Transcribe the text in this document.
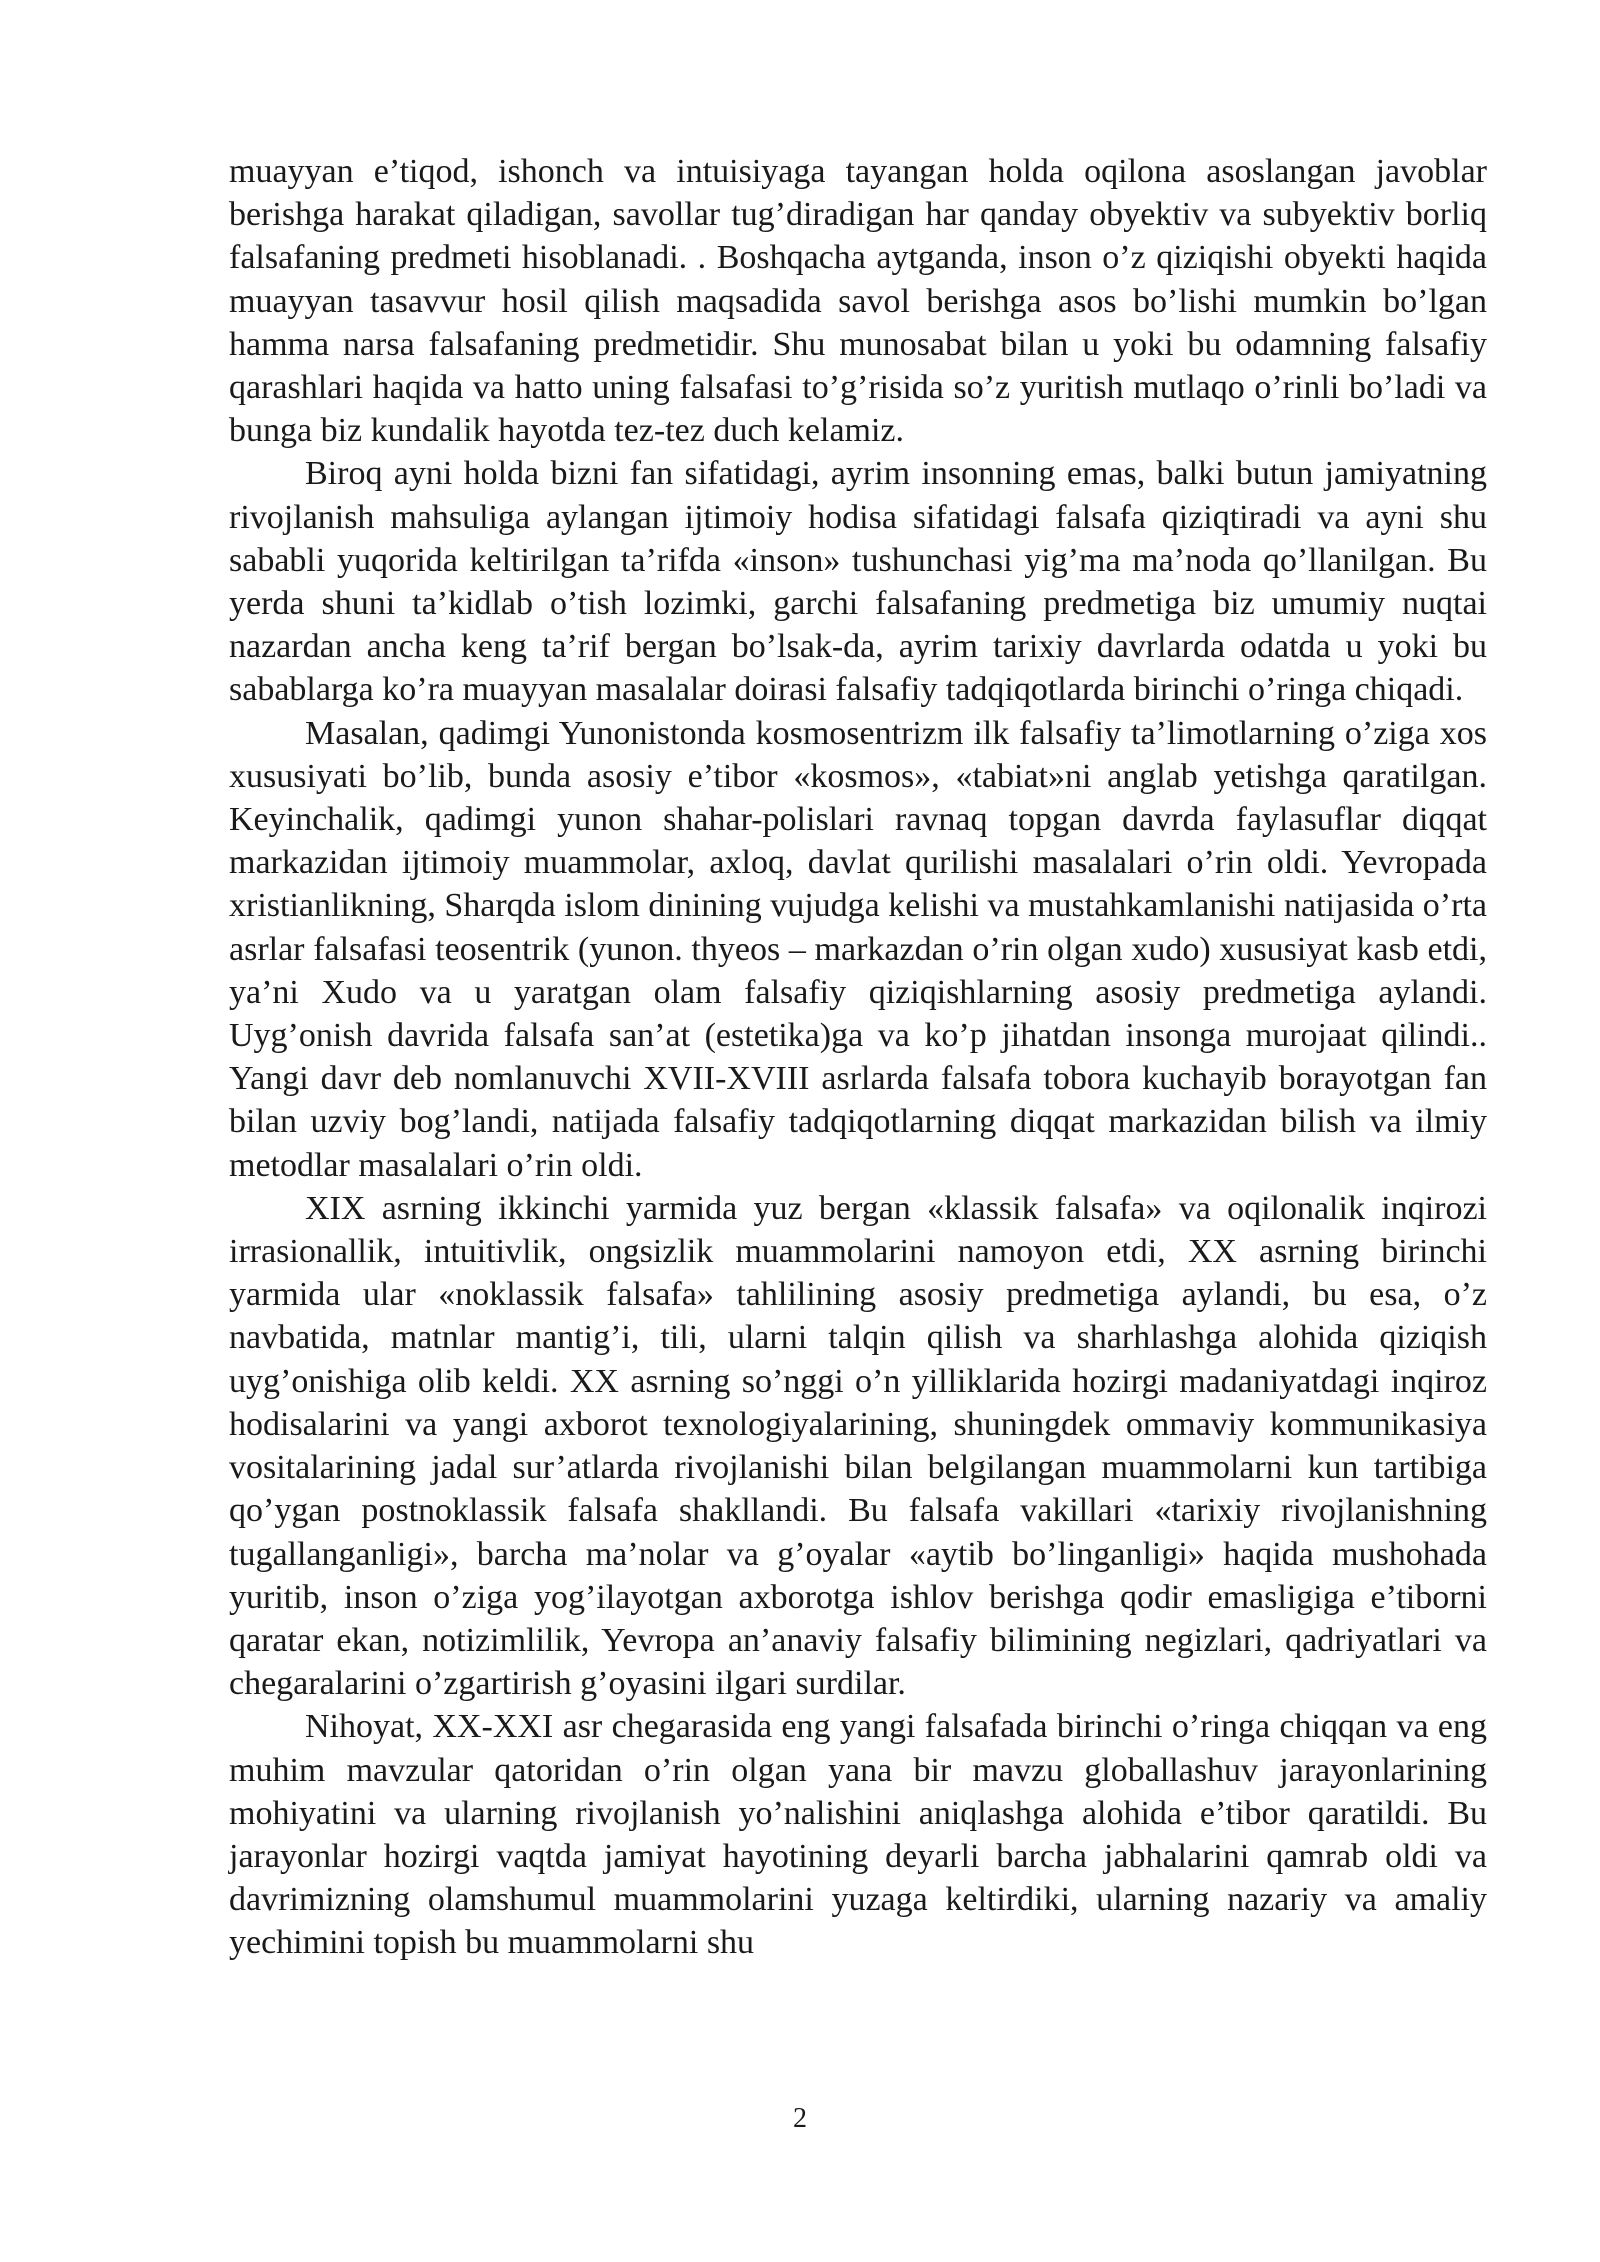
muayyan e’tiqod, ishonch va intuisiyaga tayangan holda oqilona asoslangan javoblar berishga harakat qiladigan, savollar tug’diradigan har qanday obyektiv va subyektiv borliq falsafaning predmeti hisoblanadi. . Boshqacha aytganda, inson o’z qiziqishi obyekti haqida muayyan tasavvur hosil qilish maqsadida savol berishga asos bo’lishi mumkin bo’lgan hamma narsa falsafaning predmetidir. Shu munosabat bilan u yoki bu odamning falsafiy qarashlari haqida va hatto uning falsafasi to’g’risida so’z yuritish mutlaqo o’rinli bo’ladi va bunga biz kundalik hayotda tez-tez duch kelamiz.

Biroq ayni holda bizni fan sifatidagi, ayrim insonning emas, balki butun jamiyatning rivojlanish mahsuliga aylangan ijtimoiy hodisa sifatidagi falsafa qiziqtiradi va ayni shu sababli yuqorida keltirilgan ta’rifda «inson» tushunchasi yig’ma ma’noda qo’llanilgan. Bu yerda shuni ta’kidlab o’tish lozimki, garchi falsafaning predmetiga biz umumiy nuqtai nazardan ancha keng ta’rif bergan bo’lsak-da, ayrim tarixiy davrlarda odatda u yoki bu sabablarga ko’ra muayyan masalalar doirasi falsafiy tadqiqotlarda birinchi o’ringa chiqadi.

Masalan, qadimgi Yunonistonda kosmosentrizm ilk falsafiy ta’limotlarning o’ziga xos xususiyati bo’lib, bunda asosiy e’tibor «kosmos», «tabiat»ni anglab yetishga qaratilgan. Keyinchalik, qadimgi yunon shahar-polislari ravnaq topgan davrda faylasuflar diqqat markazidan ijtimoiy muammolar, axloq, davlat qurilishi masalalari o’rin oldi. Yevropada xristianlikning, Sharqda islom dinining vujudga kelishi va mustahkamlanishi natijasida o’rta asrlar falsafasi teosentrik (yunon. thyeos – markazdan o’rin olgan xudo) xususiyat kasb etdi, ya’ni Xudo va u yaratgan olam falsafiy qiziqishlarning asosiy predmetiga aylandi. Uyg’onish davrida falsafa san’at (estetika)ga va ko’p jihatdan insonga murojaat qilindi.. Yangi davr deb nomlanuvchi XVII-XVIII asrlarda falsafa tobora kuchayib borayotgan fan bilan uzviy bog’landi, natijada falsafiy tadqiqotlarning diqqat markazidan bilish va ilmiy metodlar masalalari o’rin oldi.

XIX asrning ikkinchi yarmida yuz bergan «klassik falsafa» va oqilonalik inqirozi irrasionallik, intuitivlik, ongsizlik muammolarini namoyon etdi, XX asrning birinchi yarmida ular «noklassik falsafa» tahlilining asosiy predmetiga aylandi, bu esa, o’z navbatida, matnlar mantig’i, tili, ularni talqin qilish va sharhlashga alohida qiziqish uyg’onishiga olib keldi. XX asrning so’nggi o’n yilliklarida hozirgi madaniyatdagi inqiroz hodisalarini va yangi axborot texnologiyalarining, shuningdek ommaviy kommunikasiya vositalarining jadal sur’atlarda rivojlanishi bilan belgilangan muammolarni kun tartibiga qo’ygan postnoklassik falsafa shakllandi. Bu falsafa vakillari «tarixiy rivojlanishning tugallanganligi», barcha ma’nolar va g’oyalar «aytib bo’linganligi» haqida mushohada yuritib, inson o’ziga yog’ilayotgan axborotga ishlov berishga qodir emasligiga e’tiborni qaratar ekan, notizimlilik, Yevropa an’anaviy falsafiy bilimining negizlari, qadriyatlari va chegaralarini o’zgartirish g’oyasini ilgari surdilar.

Nihoyat, XX-XXI asr chegarasida eng yangi falsafada birinchi o’ringa chiqqan va eng muhim mavzular qatoridan o’rin olgan yana bir mavzu globallashuv jarayonlarining mohiyatini va ularning rivojlanish yo’nalishini aniqlashga alohida e’tibor qaratildi. Bu jarayonlar hozirgi vaqtda jamiyat hayotining deyarli barcha jabhalarini qamrab oldi va davrimizning olamshumul muammolarini yuzaga keltirdiki, ularning nazariy va amaliy yechimini topish bu muammolarni shu

2
